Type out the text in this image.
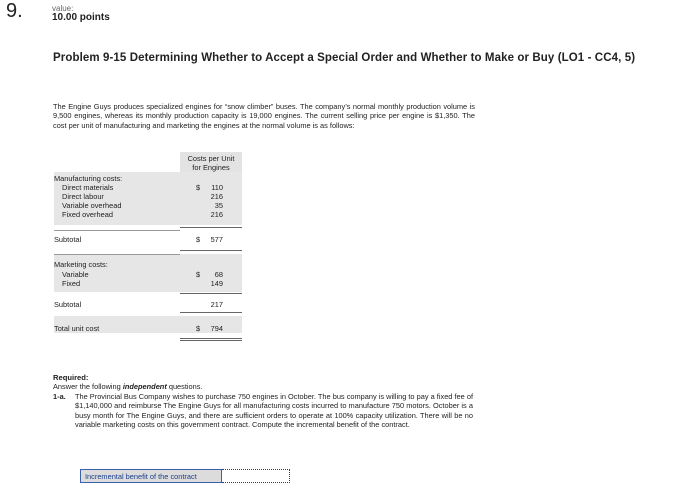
9.	value:
10.00 points
Problem 9-15 Determining Whether to Accept a Special Order and Whether to Make or Buy (LO1 - CC4, 5)
The Engine Guys produces specialized engines for “snow climber” buses. The company’s normal monthly production volume is 9,500 engines, whereas its monthly production capacity is 19,000 engines. The current selling price per engine is $1,350. The cost per unit of manufacturing and marketing the engines at the normal volume is as follows:
Costs per Unit
for Engines
Manufacturing costs:
Direct materials	$ 110
Direct labour	216
Variable overhead	35
Fixed overhead	216
Subtotal	$ 577
Marketing costs:
Variable	$ 68
Fixed	149
Subtotal	217
Total unit cost	$ 794
Required:
Answer the following independent questions.
1-a. The Provincial Bus Company wishes to purchase 750 engines in October. The bus company is willing to pay a fixed fee of $1,140,000 and reimburse The Engine Guys for all manufacturing costs incurred to manufacture 750 motors. October is a busy month for The Engine Guys, and there are sufficient orders to operate at 100% capacity utilization. There will be no variable marketing costs on this government contract. Compute the incremental benefit of the contract.
Incremental benefit of the contract
